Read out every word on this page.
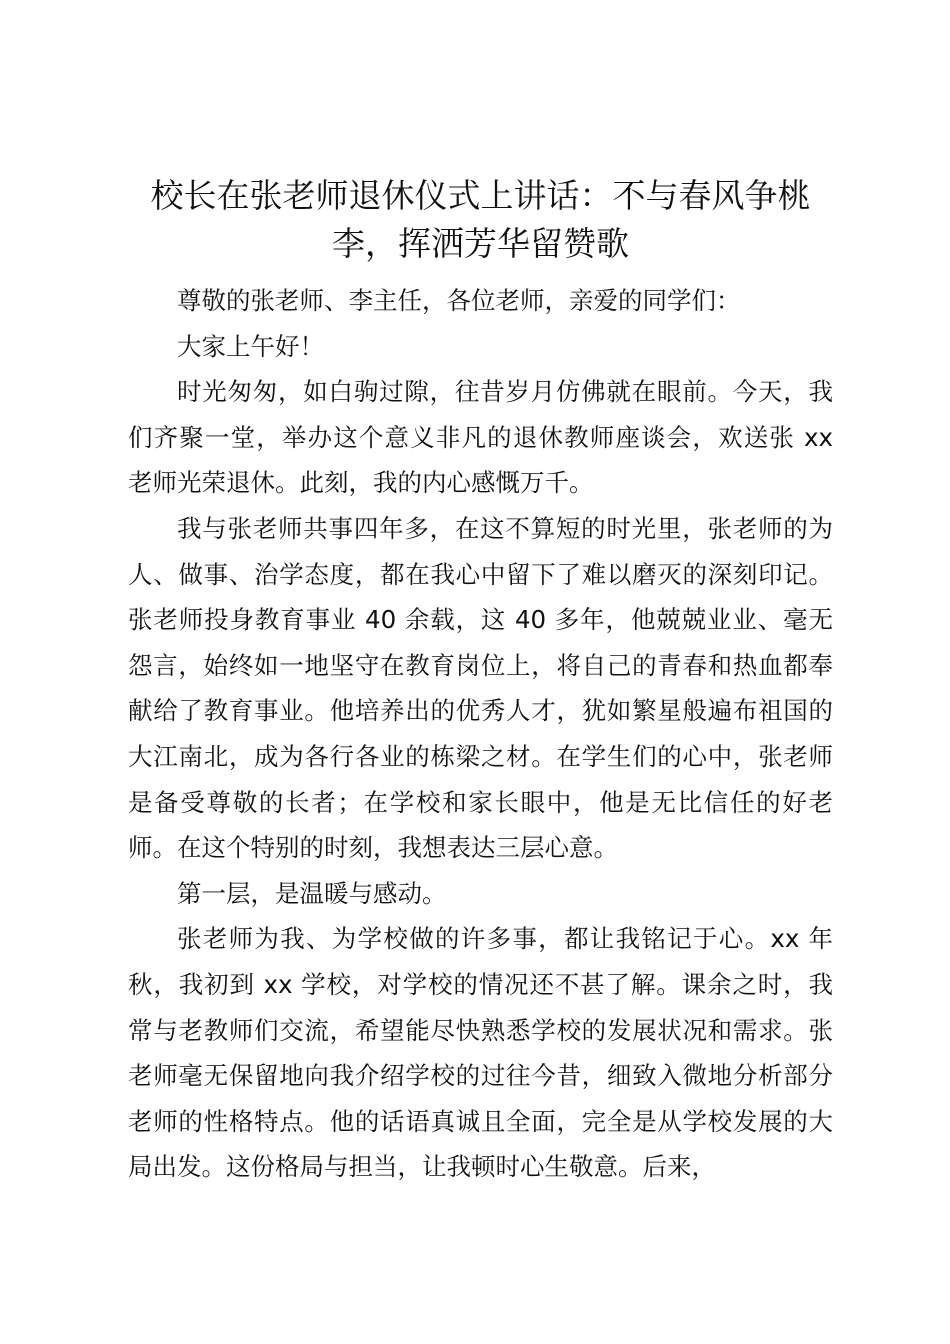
校长在张老师退休仪式上讲话：不与春风争桃李，挥洒芳华留赞歌

尊敬的张老师、李主任，各位老师，亲爱的同学们：

大家上午好！

时光匆匆，如白驹过隙，往昔岁月仿佛就在眼前。今天，我们齐聚一堂，举办这个意义非凡的退休教师座谈会，欢送张 xx 老师光荣退休。此刻，我的内心感慨万千。

我与张老师共事四年多，在这不算短的时光里，张老师的为人、做事、治学态度，都在我心中留下了难以磨灭的深刻印记。张老师投身教育事业 40 余载，这 40 多年，他兢兢业业、毫无怨言，始终如一地坚守在教育岗位上，将自己的青春和热血都奉献给了教育事业。他培养出的优秀人才，犹如繁星般遍布祖国的大江南北，成为各行各业的栋梁之材。在学生们的心中，张老师是备受尊敬的长者；在学校和家长眼中，他是无比信任的好老师。在这个特别的时刻，我想表达三层心意。

第一层，是温暖与感动。

张老师为我、为学校做的许多事，都让我铭记于心。xx 年秋，我初到 xx 学校，对学校的情况还不甚了解。课余之时，我常与老教师们交流，希望能尽快熟悉学校的发展状况和需求。张老师毫无保留地向我介绍学校的过往今昔，细致入微地分析部分老师的性格特点。他的话语真诚且全面，完全是从学校发展的大局出发。这份格局与担当，让我顿时心生敬意。后来，
